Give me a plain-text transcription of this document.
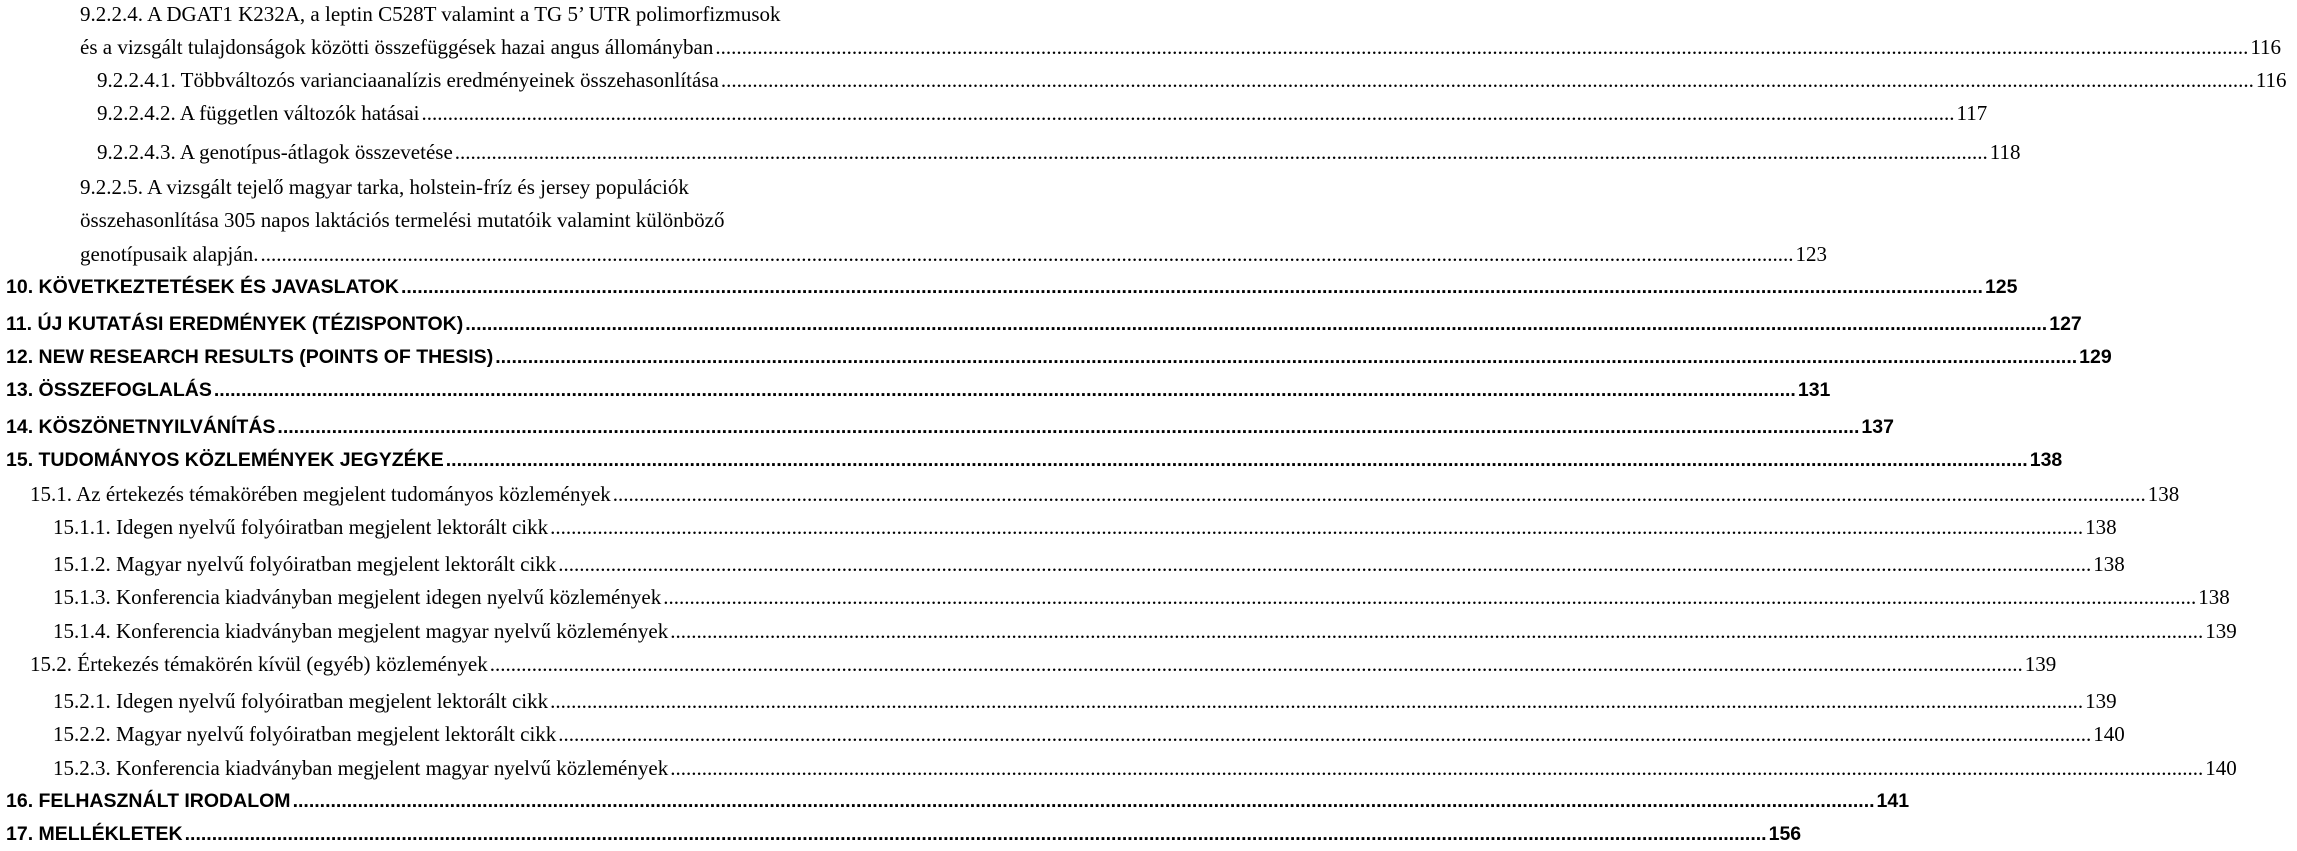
9.2.2.4. A DGAT1 K232A, a leptin C528T valamint a TG 5’ UTR polimorfizmusok
és a vizsgált tulajdonságok közötti összefüggések hazai angus állományban .....	116
9.2.2.4.1. Többváltozós varianciaanalízis eredményeinek összehasonlítása .....	116
9.2.2.4.2. A független változók hatásai .....	117
9.2.2.4.3. A genotípus-átlagok összevetése .....	118
9.2.2.5. A vizsgált tejelő magyar tarka, holstein-fríz és jersey populációk
összehasonlítása 305 napos laktációs termelési mutatóik valamint különböző
genotípusaik alapján. .....	123
10. KÖVETKEZTETÉSEK ÉS JAVASLATOK .....	125
11. ÚJ KUTATÁSI EREDMÉNYEK (TÉZISPONTOK) .....	127
12. NEW RESEARCH RESULTS (POINTS OF THESIS) .....	129
13. ÖSSZEFOGLALÁS .....	131
14. KÖSZÖNETNYILVÁNÍTÁS .....	137
15. TUDOMÁNYOS KÖZLEMÉNYEK JEGYZÉKE .....	138
15.1. Az értekezés témakörében megjelent tudományos közlemények .....	138
15.1.1. Idegen nyelvű folyóiratban megjelent lektorált cikk .....	138
15.1.2. Magyar nyelvű folyóiratban megjelent lektorált cikk .....	138
15.1.3. Konferencia kiadványban megjelent idegen nyelvű közlemények .....	138
15.1.4. Konferencia kiadványban megjelent magyar nyelvű közlemények .....	139
15.2. Értekezés témakörén kívül (egyéb) közlemények .....	139
15.2.1. Idegen nyelvű folyóiratban megjelent lektorált cikk .....	139
15.2.2. Magyar nyelvű folyóiratban megjelent lektorált cikk .....	140
15.2.3. Konferencia kiadványban megjelent magyar nyelvű közlemények .....	140
16. FELHASZNÁLT IRODALOM .....	141
17. MELLÉKLETEK .....	156
